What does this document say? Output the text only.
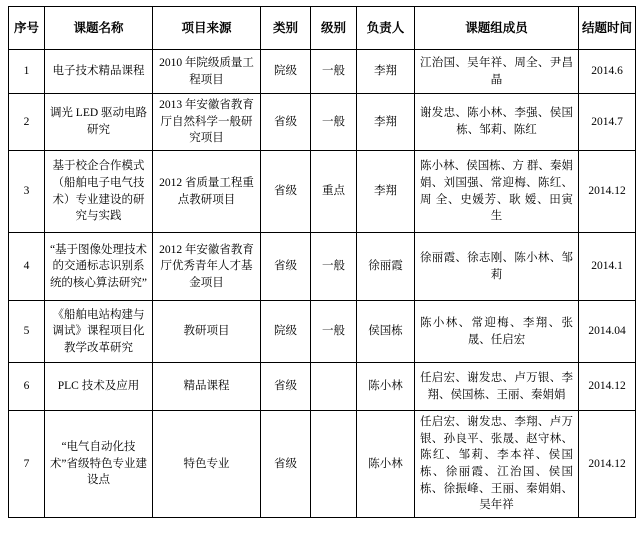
序号	课题名称	项目来源	类别	级别	负责人	课题组成员	结题时间
1	电子技术精品课程	2010 年院级质量工程项目	院级	一般	李翔	江治国、吴年祥、周全、尹昌晶	2014.6
2	调光 LED 驱动电路研究	2013 年安徽省教育厅自然科学一般研究项目	省级	一般	李翔	谢发忠、陈小林、李强、侯国栋、邹莉、陈红	2014.7
3	基于校企合作模式（船舶电子电气技术）专业建设的研究与实践	2012 省质量工程重点教研项目	省级	重点	李翔	陈小林、侯国栋、方 群、秦娟娟、刘国强、常迎梅、陈红、周 全、史媛芳、耿 嫒、田寅生	2014.12
4	“基于图像处理技术的交通标志识别系统的核心算法研究”	2012 年安徽省教育厅优秀青年人才基金项目	省级	一般	徐丽霞	徐丽霞、徐志刚、陈小林、邹莉	2014.1
5	《船舶电站构建与调试》课程项目化教学改革研究	教研项目	院级	一般	侯国栋	陈小林、常迎梅、李翔、张晟、任启宏	2014.04
6	PLC 技术及应用	精品课程	省级		陈小林	任启宏、谢发忠、卢万银、李翔、侯国栋、王丽、秦娟娟	2014.12
7	“电气自动化技术”省级特色专业建设点	特色专业	省级		陈小林	任启宏、谢发忠、李翔、卢万银、孙良平、张晟、赵守林、陈红、邹莉、李本祥、侯国栋、徐丽霞、江治国、侯国栋、徐振峰、王丽、秦娟娟、吴年祥	2014.12
